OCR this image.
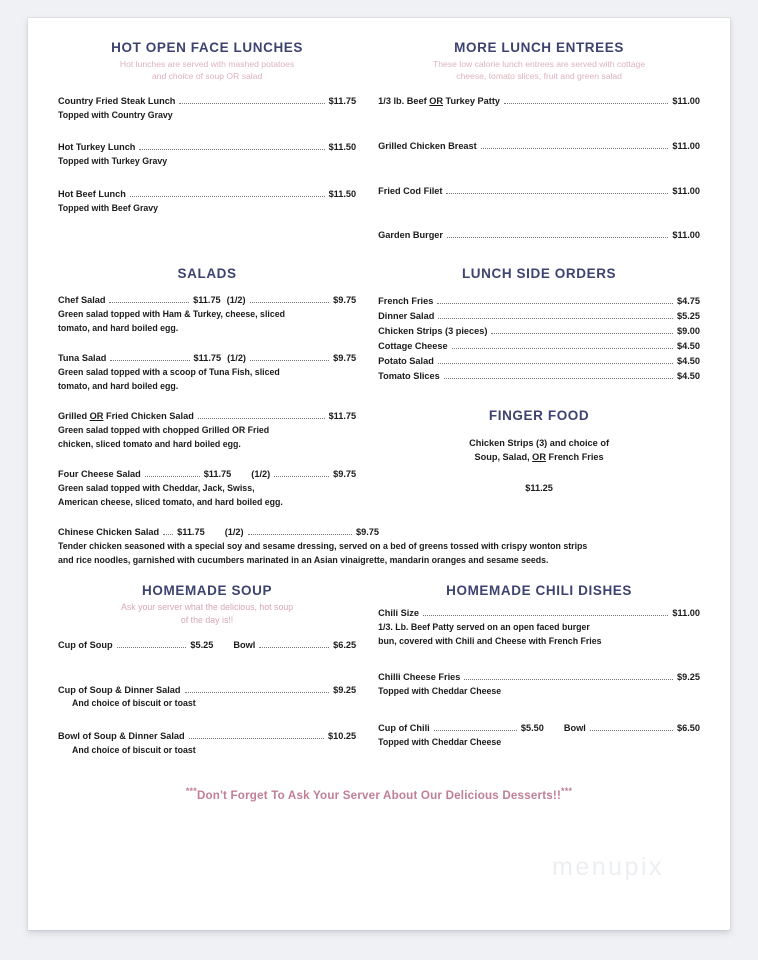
HOT OPEN FACE LUNCHES
Hot lunches are served with mashed potatoes
and choice of soup OR salad
Country Fried Steak Lunch	$11.75
Topped with Country Gravy
Hot Turkey Lunch	$11.50
Topped with Turkey Gravy
Hot Beef Lunch	$11.50
Topped with Beef Gravy
MORE LUNCH ENTREES
These low calorie lunch entrees are served with cottage
cheese, tomato slices, fruit and green salad
1/3 lb. Beef OR Turkey Patty	$11.00
Grilled Chicken Breast	$11.00
Fried Cod Filet	$11.00
Garden Burger	$11.00
SALADS
Chef Salad	$11.75 (1/2)	$9.75
Green salad topped with Ham & Turkey, cheese, sliced
tomato, and hard boiled egg.
Tuna Salad	$11.75 (1/2)	$9.75
Green salad topped with a scoop of Tuna Fish, sliced
tomato, and hard boiled egg.
Grilled OR Fried Chicken Salad	$11.75
Green salad topped with chopped Grilled OR Fried
chicken, sliced tomato and hard boiled egg.
Four Cheese Salad	$11.75	(1/2)	$9.75
Green salad topped with Cheddar, Jack, Swiss,
American cheese, sliced tomato, and hard boiled egg.
LUNCH SIDE ORDERS
French Fries	$4.75
Dinner Salad	$5.25
Chicken Strips (3 pieces)	$9.00
Cottage Cheese	$4.50
Potato Salad	$4.50
Tomato Slices	$4.50
FINGER FOOD
Chicken Strips (3) and choice of
Soup, Salad, OR French Fries
$11.25
Chinese Chicken Salad $11.75	(1/2)	$9.75
Tender chicken seasoned with a special soy and sesame dressing, served on a bed of greens tossed with crispy wonton strips
and rice noodles, garnished with cucumbers marinated in an Asian vinaigrette, mandarin oranges and sesame seeds.
HOMEMADE SOUP
Ask your server what the delicious, hot soup
of the day is!!
Cup of Soup	$5.25	Bowl	$6.25
Cup of Soup & Dinner Salad	$9.25
And choice of biscuit or toast
Bowl of Soup & Dinner Salad	$10.25
And choice of biscuit or toast
HOMEMADE CHILI DISHES
Chili Size	$11.00
1/3. Lb. Beef Patty served on an open faced burger
bun, covered with Chili and Cheese with French Fries
Chilli Cheese Fries	$9.25
Topped with Cheddar Cheese
Cup of Chili	$5.50	Bowl	$6.50
Topped with Cheddar Cheese
***Don't Forget To Ask Your Server About Our Delicious Desserts!!***
menupix
